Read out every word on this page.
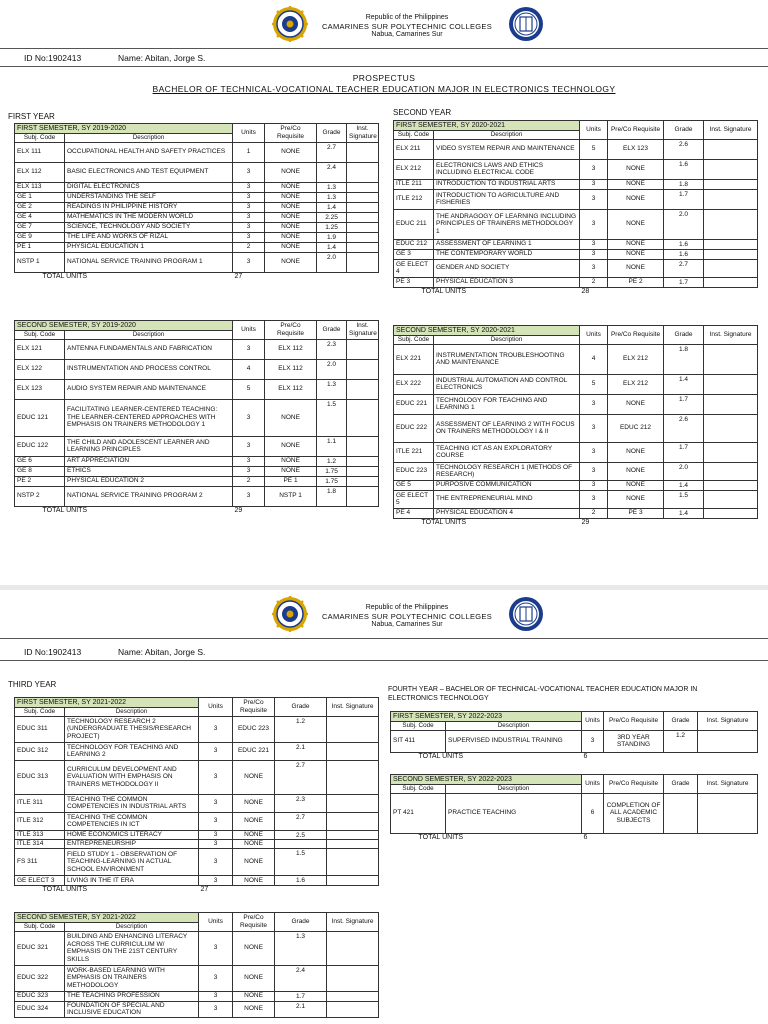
Republic of the Philippines
CAMARINES SUR POLYTECHNIC COLLEGES
Nabua, Camarines Sur
ID No:1902413	Name: Abitan, Jorge S.
PROSPECTUS
BACHELOR OF TECHNICAL-VOCATIONAL TEACHER EDUCATION MAJOR IN ELECTRONICS TECHNOLOGY
FIRST YEAR	SECOND YEAR
FIRST SEMESTER, SY 2019-2020		Units	Pre/Co Requisite	Grade	Inst. Signature
Subj. Code	Description				
ELX 111	OCCUPATIONAL HEALTH AND SAFETY PRACTICES	1	NONE	2.7	
ELX 112	BASIC ELECTRONICS AND TEST EQUIPMENT	3	NONE	2.4	
ELX 113	DIGITAL ELECTRONICS	3	NONE	1.3	
GE 1	UNDERSTANDING THE SELF	3	NONE	1.3	
GE 2	READINGS IN PHILIPPINE HISTORY	3	NONE	1.4	
GE 4	MATHEMATICS IN THE MODERN WORLD	3	NONE	2.25	
GE 7	SCIENCE, TECHNOLOGY AND SOCIETY	3	NONE	1.25	
GE 9	THE LIFE AND WORKS OF RIZAL	3	NONE	1.9	
PE 1	PHYSICAL EDUCATION 1	2	NONE	1.4	
NSTP 1	NATIONAL SERVICE TRAINING PROGRAM 1	3	NONE	2.0	
TOTAL UNITS		27			
SECOND SEMESTER, SY 2019-2020		Units	Pre/Co Requisite	Grade	Inst. Signature
Subj. Code	Description				
ELX 121	ANTENNA FUNDAMENTALS AND FABRICATION	3	ELX 112	2.3	
ELX 122	INSTRUMENTATION AND PROCESS CONTROL	4	ELX 112	2.0	
ELX 123	AUDIO SYSTEM REPAIR AND MAINTENANCE	5	ELX 112	1.3	
EDUC 121	FACILITATING LEARNER-CENTERED TEACHING: THE LEARNER-CENTERED APPROACHES WITH EMPHASIS ON TRAINERS METHODOLOGY 1	3	NONE	1.5	
EDUC 122	THE CHILD AND ADOLESCENT LEARNER AND LEARNING PRINCIPLES	3	NONE	1.1	
GE 6	ART APPRECIATION	3	NONE	1.2	
GE 8	ETHICS	3	NONE	1.75	
PE 2	PHYSICAL EDUCATION 2	2	PE 1	1.75	
NSTP 2	NATIONAL SERVICE TRAINING PROGRAM 2	3	NSTP 1	1.8	
TOTAL UNITS		29			
FIRST SEMESTER, SY 2020-2021		Units	Pre/Co Requisite	Grade	Inst. Signature
Subj. Code	Description				
ELX 211	VIDEO SYSTEM REPAIR AND MAINTENANCE	5	ELX 123	2.6	
ELX 212	ELECTRONICS LAWS AND ETHICS INCLUDING ELECTRICAL CODE	3	NONE	1.6	
ITLE 211	INTRODUCTION TO INDUSTRIAL ARTS	3	NONE	1.8	
ITLE 212	INTRODUCTION TO AGRICULTURE AND FISHERIES	3	NONE	1.7	
EDUC 211	THE ANDRAGOGY OF LEARNING INCLUDING PRINCIPLES OF TRAINERS METHODOLOGY 1	3	NONE	2.0	
EDUC 212	ASSESSMENT OF LEARNING 1	3	NONE	1.6	
GE 3	THE CONTEMPORARY WORLD	3	NONE	1.6	
GE ELECT 4	GENDER AND SOCIETY	3	NONE	2.7	
PE 3	PHYSICAL EDUCATION 3	2	PE 2	1.7	
TOTAL UNITS		28			
SECOND SEMESTER, SY 2020-2021		Units	Pre/Co Requisite	Grade	Inst. Signature
Subj. Code	Description				
ELX 221	INSTRUMENTATION TROUBLESHOOTING AND MAINTENANCE	4	ELX 212	1.8	
ELX 222	INDUSTRIAL AUTOMATION AND CONTROL ELECTRONICS	5	ELX 212	1.4	
EDUC 221	TECHNOLOGY FOR TEACHING AND LEARNING 1	3	NONE	1.7	
EDUC 222	ASSESSMENT OF LEARNING 2 WITH FOCUS ON TRAINERS METHODOLOGY I & II	3	EDUC 212	2.6	
ITLE 221	TEACHING ICT AS AN EXPLORATORY COURSE	3	NONE	1.7	
EDUC 223	TECHNOLOGY RESEARCH 1 (METHODS OF RESEARCH)	3	NONE	2.0	
GE 5	PURPOSIVE COMMUNICATION	3	NONE	1.4	
GE ELECT 5	THE ENTREPRENEURIAL MIND	3	NONE	1.5	
PE 4	PHYSICAL EDUCATION 4	2	PE 3	1.4	
TOTAL UNITS		29			
Republic of the Philippines
CAMARINES SUR POLYTECHNIC COLLEGES
Nabua, Camarines Sur
ID No:1902413	Name: Abitan, Jorge S.
THIRD YEAR
FOURTH YEAR – BACHELOR OF TECHNICAL-VOCATIONAL TEACHER EDUCATION MAJOR IN ELECTRONICS TECHNOLOGY
FIRST SEMESTER, SY 2021-2022		Units	Pre/Co Requisite	Grade	Inst. Signature
Subj. Code	Description				
EDUC 311	TECHNOLOGY RESEARCH 2 (UNDERGRADUATE THESIS/RESEARCH PROJECT)	3	EDUC 223	1.2	
EDUC 312	TECHNOLOGY FOR TEACHING AND LEARNING 2	3	EDUC 221	2.1	
EDUC 313	CURRICULUM DEVELOPMENT AND EVALUATION WITH EMPHASIS ON TRAINERS METHODOLOGY II	3	NONE	2.7	
ITLE 311	TEACHING THE COMMON COMPETENCIES IN INDUSTRIAL ARTS	3	NONE	2.3	
ITLE 312	TEACHING THE COMMON COMPETENCIES IN ICT	3	NONE	2.7	
ITLE 313	HOME ECONOMICS LITERACY	3	NONE	2.5	
ITLE 314	ENTREPRENEURSHIP	3	NONE		
FS 311	FIELD STUDY 1 - OBSERVATION OF TEACHING-LEARNING IN ACTUAL SCHOOL ENVIRONMENT	3	NONE	1.5	
GE ELECT 3	LIVING IN THE IT ERA	3	NONE	1.6	
TOTAL UNITS		27			
SECOND SEMESTER, SY 2021-2022		Units	Pre/Co Requisite	Grade	Inst. Signature
Subj. Code	Description				
EDUC 321	BUILDING AND ENHANCING LITERACY ACROSS THE CURRICULUM W/ EMPHASIS ON THE 21ST CENTURY SKILLS	3	NONE	1.3	
EDUC 322	WORK-BASED LEARNING WITH EMPHASIS ON TRAINERS METHODOLOGY	3	NONE	2.4	
EDUC 323	THE TEACHING PROFESSION	3	NONE	1.7	
EDUC 324	FOUNDATION OF SPECIAL AND INCLUSIVE EDUCATION	3	NONE	2.1	
FIRST SEMESTER, SY 2022-2023		Units	Pre/Co Requisite	Grade	Inst. Signature
Subj. Code	Description				
SIT 411	SUPERVISED INDUSTRIAL TRAINING	3	3RD YEAR STANDING	1.2	
TOTAL UNITS		6			
SECOND SEMESTER, SY 2022-2023		Units	Pre/Co Requisite	Grade	Inst. Signature
Subj. Code	Description				
PT 421	PRACTICE TEACHING	6	COMPLETION OF ALL ACADEMIC SUBJECTS		
TOTAL UNITS		6			
